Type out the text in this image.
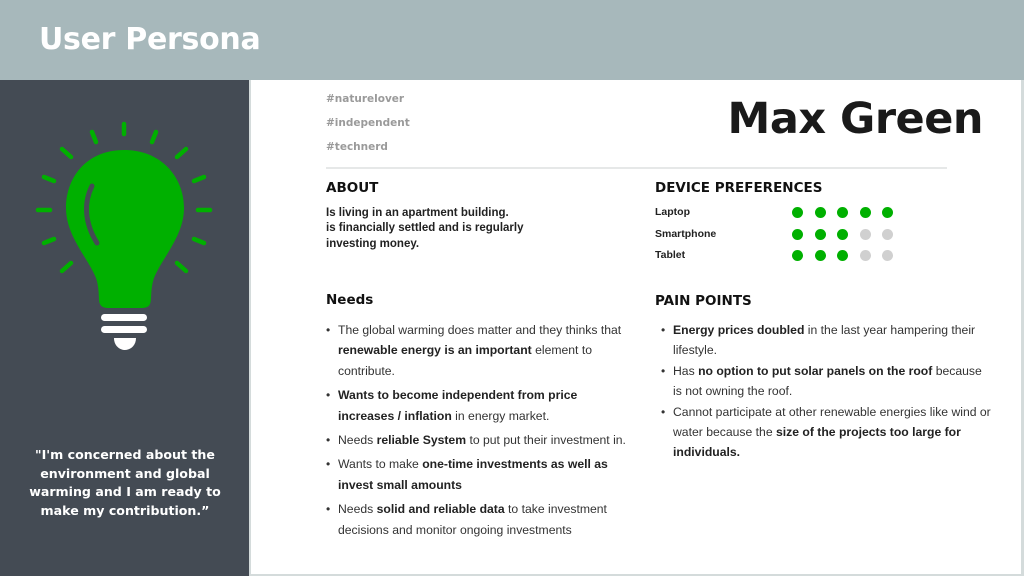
User Persona
"I'm concerned about the environment and global warming and I am ready to make my contribution.”
#naturelover
#independent
#technerd
Max Green
ABOUT
Is living in an apartment building.
is financially settled and is regularly
investing money.
DEVICE PREFERENCES
Laptop
Smartphone
Tablet
Needs
• The global warming does matter and they thinks that renewable energy is an important element to contribute.
• Wants to become independent from price increases / inflation in energy market.
• Needs reliable System to put put their investment in.
• Wants to make one-time investments as well as invest small amounts
• Needs solid and reliable data to take investment decisions and monitor ongoing investments
PAIN POINTS
• Energy prices doubled in the last year hampering their lifestyle.
• Has no option to put solar panels on the roof because is not owning the roof.
• Cannot participate at other renewable energies like wind or water because the size of the projects too large for individuals.
